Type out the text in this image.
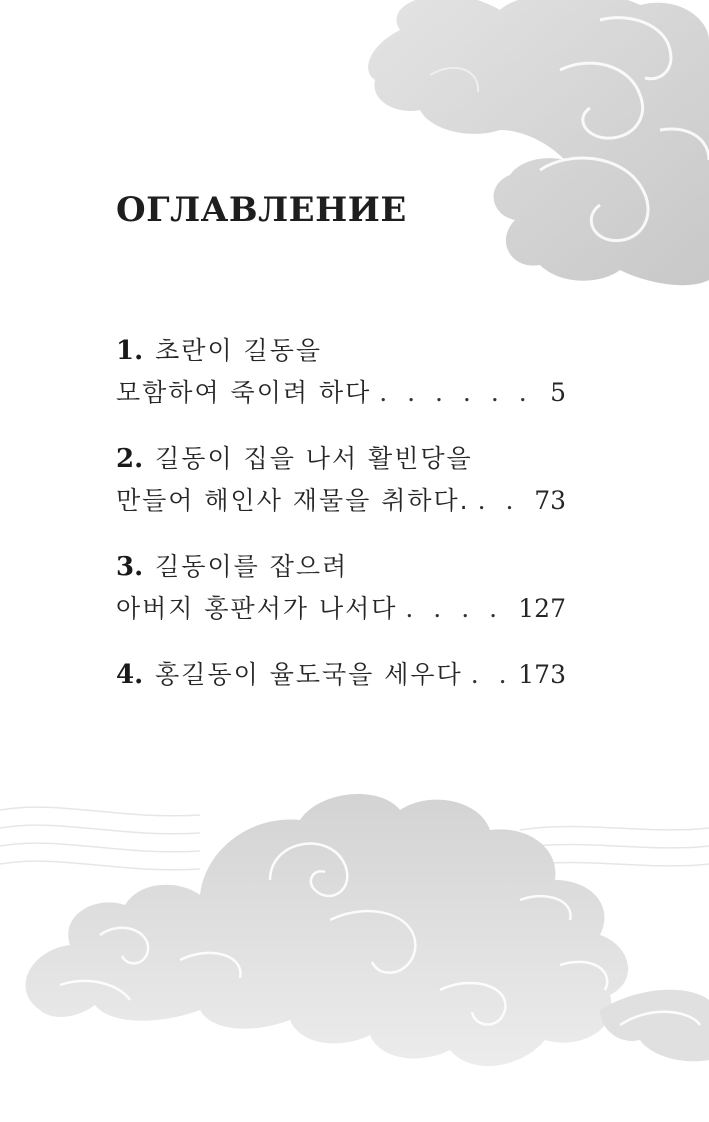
ОГЛАВЛЕНИЕ
1. 초란이 길동을
모함하여 죽이려 하다 . . .	5
2. 길동이 집을 나서 활빈당을
만들어 해인사 재물을 취하다. . . .	73
3. 길동이를 잡으려
아버지 홍판서가 나서다 . . .	127
4. 홍길동이 율도국을 세우다 . . . 173
